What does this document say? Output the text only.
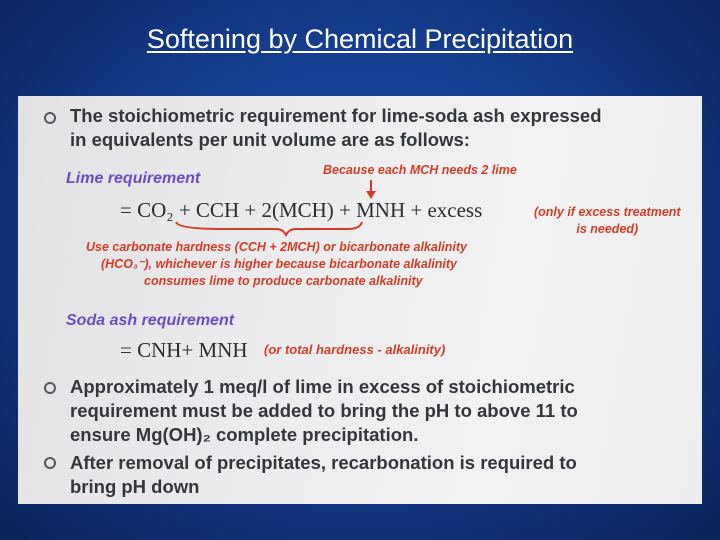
Softening by Chemical Precipitation
The stoichiometric requirement for lime-soda ash expressed
in equivalents per unit volume are as follows:
Lime requirement	Because each MCH needs 2 lime
= CO₂ + CCH + 2(MCH) + MNH + excess	(only if excess treatment
is needed)
Use carbonate hardness (CCH + 2MCH) or bicarbonate alkalinity
(HCO₃⁻), whichever is higher because bicarbonate alkalinity
consumes lime to produce carbonate alkalinity
Soda ash requirement
= CNH+ MNH (or total hardness - alkalinity)
Approximately 1 meq/l of lime in excess of stoichiometric
requirement must be added to bring the pH to above 11 to
ensure Mg(OH)₂ complete precipitation.
After removal of precipitates, recarbonation is required to
bring pH down
